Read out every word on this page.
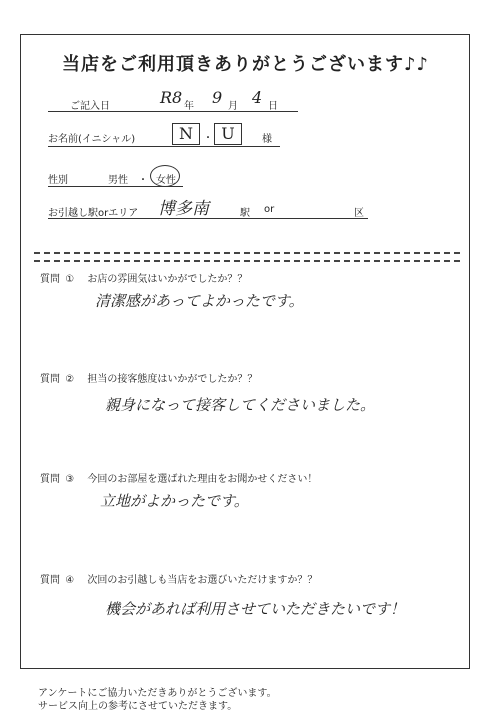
当店をご利用頂きありがとうございます♪♪
ご記入日	R8 年 9 月 4 日
お名前(イニシャル)	N	・ U	様
性別	男性 ・ 女性
お引越し駅orエリア 博多南	駅 or	区
質問 ① お店の雰囲気はいかがでしたか？？
清潔感があってよかったです。
質問 ② 担当の接客態度はいかがでしたか？？
親身になって接客してくださいました。
質問 ③ 今回のお部屋を選ばれた理由をお聞かせください！
立地がよかったです。
質問 ④ 次回のお引越しも当店をお選びいただけますか？？
機会があれば利用させていただきたいです！
アンケートにご協力いただきありがとうございます。
サービス向上の参考にさせていただきます。
